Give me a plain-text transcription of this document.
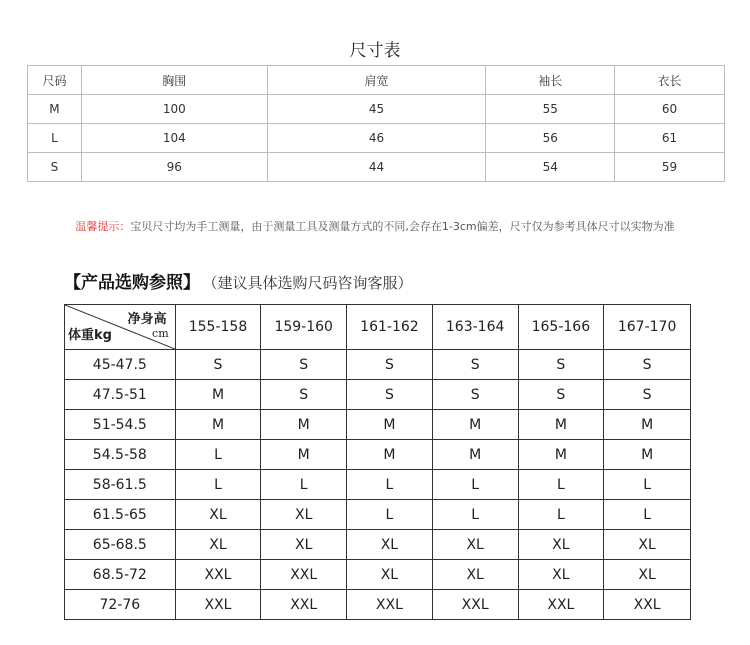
尺寸表
尺码	胸围	肩宽	袖长	衣长
M	100	45	55	60
L	104	46	56	61
S	96	44	54	59
温馨提示：宝贝尺寸均为手工测量，由于测量工具及测量方式的不同,会存在1-3cm偏差，尺寸仅为参考具体尺寸以实物为准
【产品选购参照】 （建议具体选购尺码咨询客服）
净身高
体重kg cm	155-158	159-160	161-162	163-164	165-166	167-170
45-47.5	S	S	S	S	S	S
47.5-51	M	S	S	S	S	S
51-54.5	M	M	M	M	M	M
54.5-58	L	M	M	M	M	M
58-61.5	L	L	L	L	L	L
61.5-65	XL	XL	L	L	L	L
65-68.5	XL	XL	XL	XL	XL	XL
68.5-72	XXL	XXL	XL	XL	XL	XL
72-76	XXL	XXL	XXL	XXL	XXL	XXL
